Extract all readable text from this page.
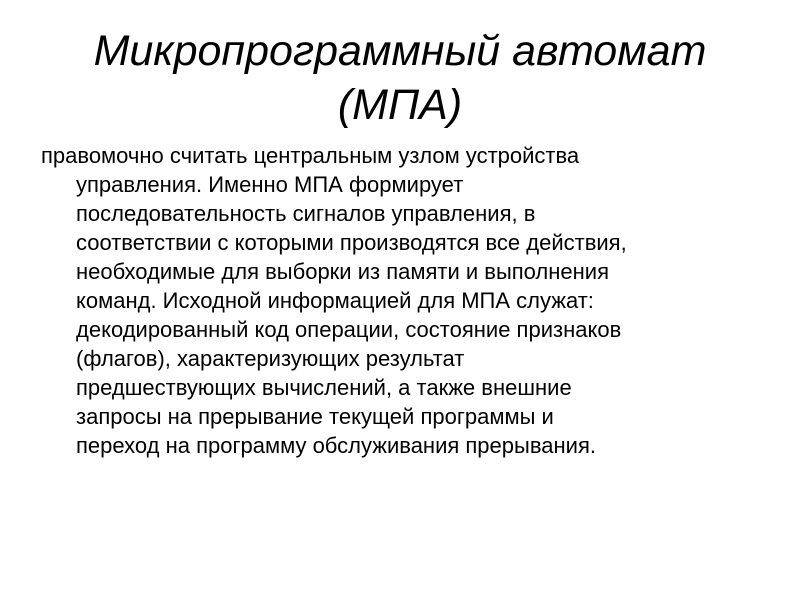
Микропрограммный автомат
(МПА)
правомочно считать центральным узлом устройства
управления. Именно МПА формирует
последовательность сигналов управления, в
соответствии с которыми производятся все действия,
необходимые для выборки из памяти и выполнения
команд. Исходной информацией для МПА служат:
декодированный код операции, состояние признаков
(флагов), характеризующих результат
предшествующих вычислений, а также внешние
запросы на прерывание текущей программы и
переход на программу обслуживания прерывания.
